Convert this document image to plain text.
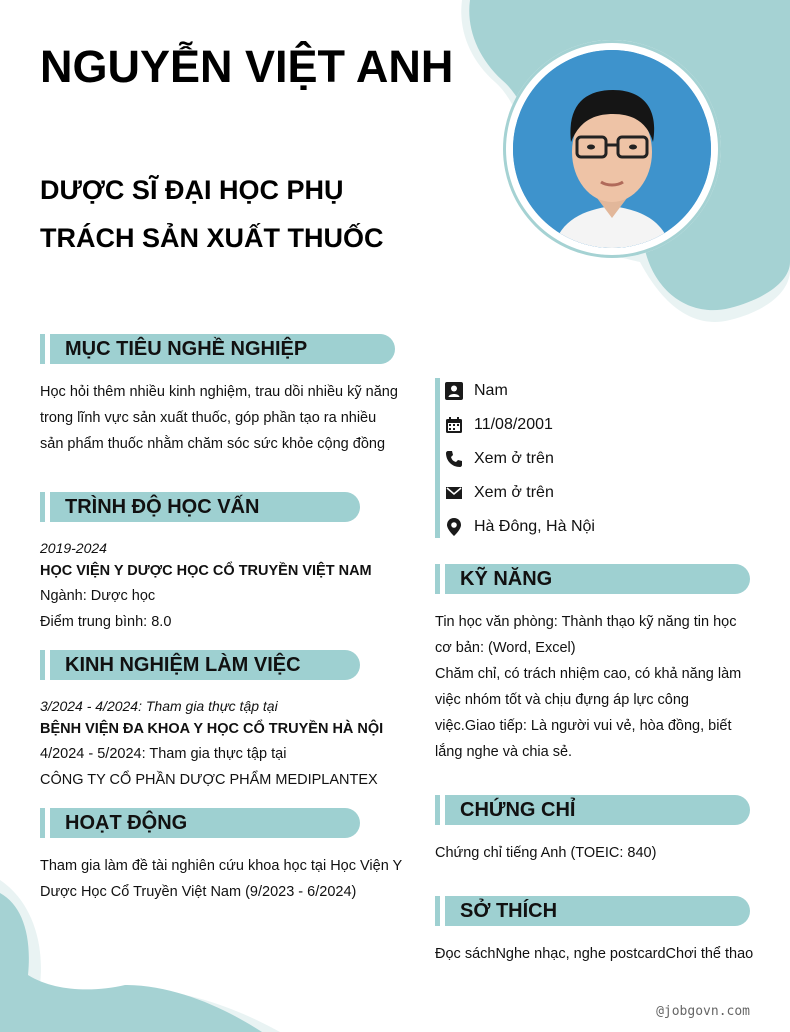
NGUYỄN VIỆT ANH
DƯỢC SĨ ĐẠI HỌC PHỤ TRÁCH SẢN XUẤT THUỐC
MỤC TIÊU NGHỀ NGHIỆP

Học hỏi thêm nhiều kinh nghiệm, trau dồi nhiều kỹ năng trong lĩnh vực sản xuất thuốc, góp phần tạo ra nhiều sản phẩm thuốc nhằm chăm sóc sức khỏe cộng đồng

TRÌNH ĐỘ HỌC VẤN
2019-2024
HỌC VIỆN Y DƯỢC HỌC CỔ TRUYỀN VIỆT NAM
Ngành: Dược học
Điểm trung bình: 8.0
KINH NGHIỆM LÀM VIỆC
3/2024 - 4/2024: Tham gia thực tập tại
BỆNH VIỆN ĐA KHOA Y HỌC CỔ TRUYỀN HÀ NỘI
4/2024 - 5/2024: Tham gia thực tập tại
CÔNG TY CỔ PHẦN DƯỢC PHẨM MEDIPLANTEX
HOẠT ĐỘNG

Tham gia làm đề tài nghiên cứu khoa học tại Học Viện Y Dược Học Cổ Truyền Việt Nam (9/2023 - 6/2024)

Nam
11/08/2001
Xem ở trên
Xem ở trên
Hà Đông, Hà Nội
KỸ NĂNG

Tin học văn phòng: Thành thạo kỹ năng tin học cơ bản: (Word, Excel)

Chăm chỉ, có trách nhiệm cao, có khả năng làm việc nhóm tốt và chịu đựng áp lực công việc.Giao tiếp: Là người vui vẻ, hòa đồng, biết lắng nghe và chia sẻ.

CHỨNG CHỈ

Chứng chỉ tiếng Anh (TOEIC: 840)

SỞ THÍCH

Đọc sáchNghe nhạc, nghe postcardChơi thể thao

@jobgovn.com
